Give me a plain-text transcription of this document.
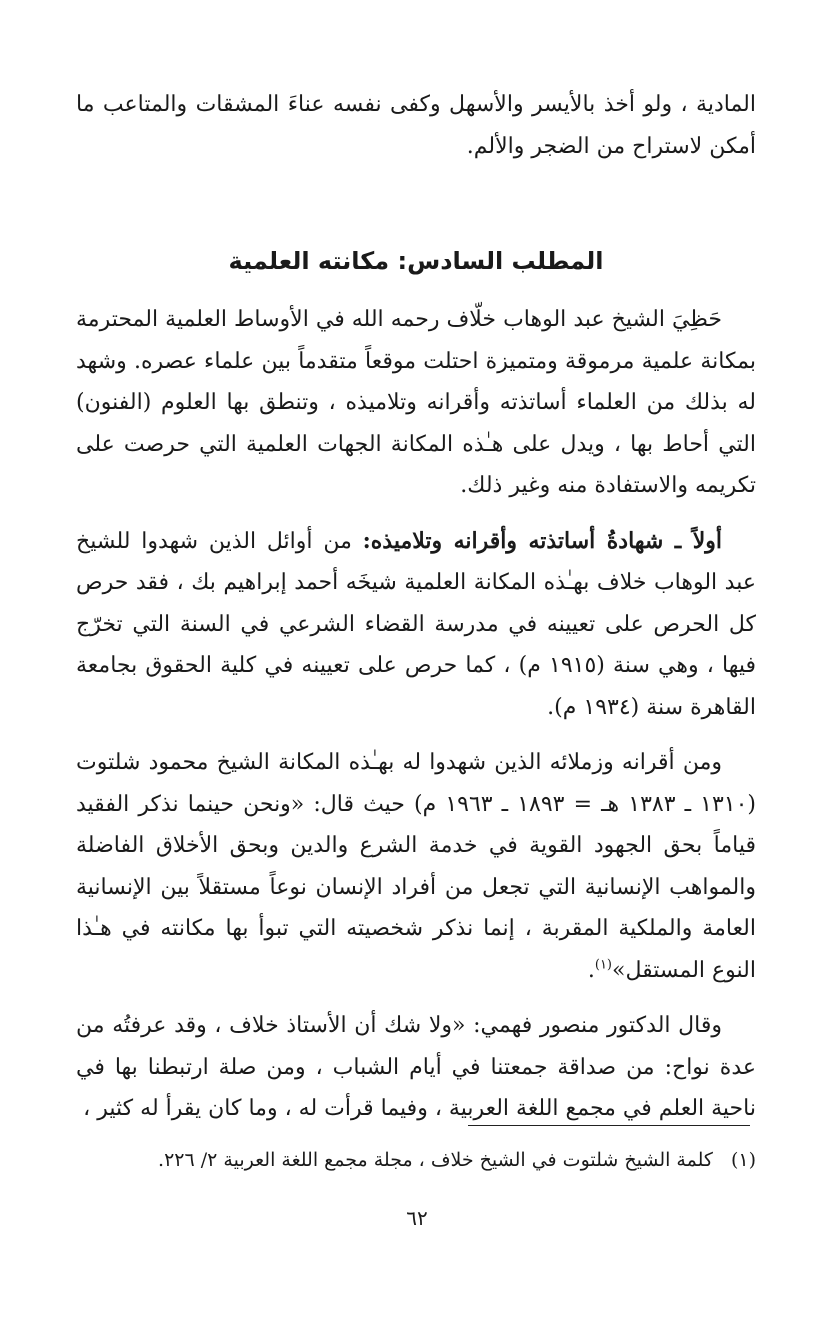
المادية ، ولو أخذ بالأيسر والأسهل وكفى نفسه عناءَ المشقات والمتاعب ما أمكن لاستراح من الضجر والألم.

المطلب السادس: مكانته العلمية

حَظِيَ الشيخ عبد الوهاب خلّاف رحمه الله في الأوساط العلمية المحترمة بمكانة علمية مرموقة ومتميزة احتلت موقعاً متقدماً بين علماء عصره. وشهد له بذلك من العلماء أساتذته وأقرانه وتلاميذه ، وتنطق بها العلوم (الفنون) التي أحاط بها ، ويدل على هـٰذه المكانة الجهات العلمية التي حرصت على تكريمه والاستفادة منه وغير ذلك.

أولاً ـ شهادةُ أساتذته وأقرانه وتلاميذه: من أوائل الذين شهدوا للشيخ عبد الوهاب خلاف بهـٰذه المكانة العلمية شيخَه أحمد إبراهيم بك ، فقد حرص كل الحرص على تعيينه في مدرسة القضاء الشرعي في السنة التي تخرّج فيها ، وهي سنة (١٩١٥ م) ، كما حرص على تعيينه في كلية الحقوق بجامعة القاهرة سنة (١٩٣٤ م).

ومن أقرانه وزملائه الذين شهدوا له بهـٰذه المكانة الشيخ محمود شلتوت (١٣١٠ ـ ١٣٨٣ هـ = ١٨٩٣ ـ ١٩٦٣ م) حيث قال: «ونحن حينما نذكر الفقيد قياماً بحق الجهود القوية في خدمة الشرع والدين وبحق الأخلاق الفاضلة والمواهب الإنسانية التي تجعل من أفراد الإنسان نوعاً مستقلاً بين الإنسانية العامة والملكية المقربة ، إنما نذكر شخصيته التي تبوأ بها مكانته في هـٰذا النوع المستقل»$^{(١)}$.

وقال الدكتور منصور فهمي: «ولا شك أن الأستاذ خلاف ، وقد عرفتُه من عدة نواح: من صداقة جمعتنا في أيام الشباب ، ومن صلة ارتبطنا بها في ناحية العلم في مجمع اللغة العربية ، وفيما قرأت له ، وما كان يقرأ له كثير ،

(١)كلمة الشيخ شلتوت في الشيخ خلاف ، مجلة مجمع اللغة العربية ٢/ ٢٢٦.
٦٢
